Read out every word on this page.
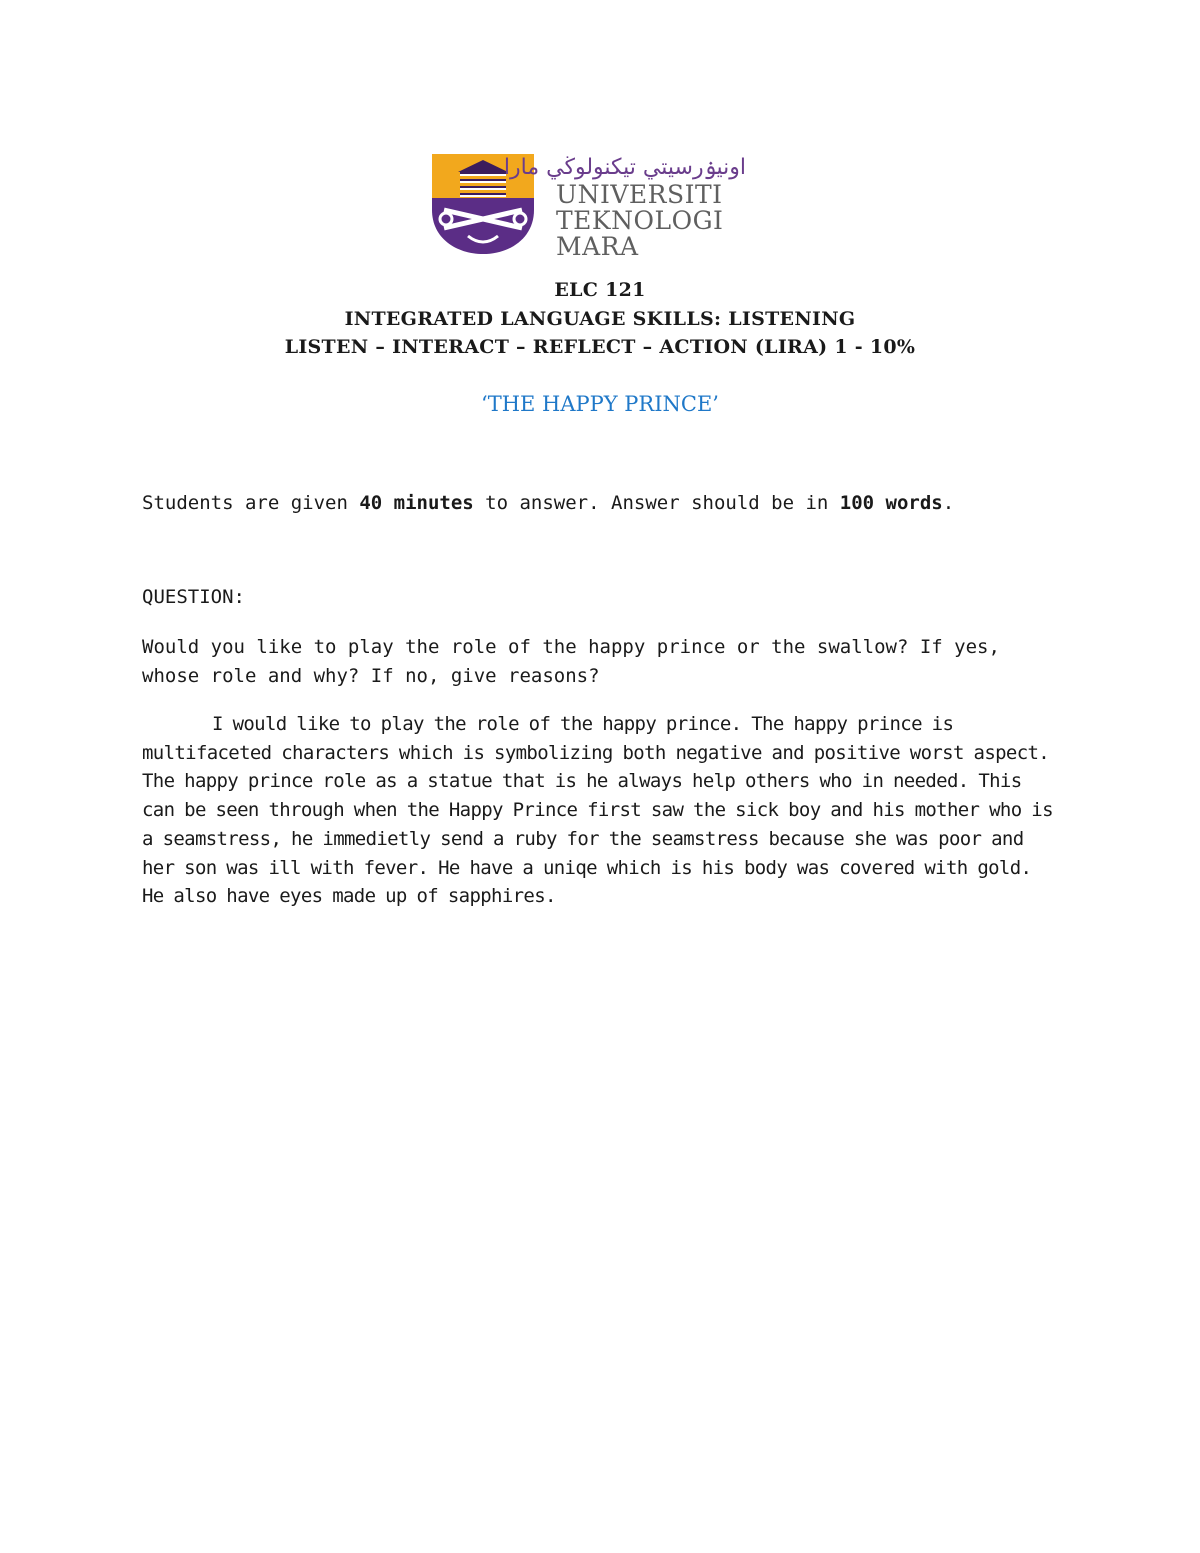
اونيۏرسيتي تيكنولوڬي مارا
UNIVERSITI
TEKNOLOGI
MARA
ELC 121
INTEGRATED LANGUAGE SKILLS: LISTENING
LISTEN – INTERACT – REFLECT – ACTION (LIRA) 1 - 10%
‘THE HAPPY PRINCE’
Students are given 40 minutes to answer. Answer should be in 100 words.
QUESTION:
Would you like to play the role of the happy prince or the swallow? If yes, whose role and why? If no, give reasons?
I would like to play the role of the happy prince. The happy prince is multifaceted characters which is symbolizing both negative and positive worst aspect. The happy prince role as a statue that is he always help others who in needed. This can be seen through when the Happy Prince first saw the sick boy and his mother who is a seamstress, he immedietly send a ruby for the seamstress because she was poor and her son was ill with fever. He have a uniqe which is his body was covered with gold. He also have eyes made up of sapphires.
